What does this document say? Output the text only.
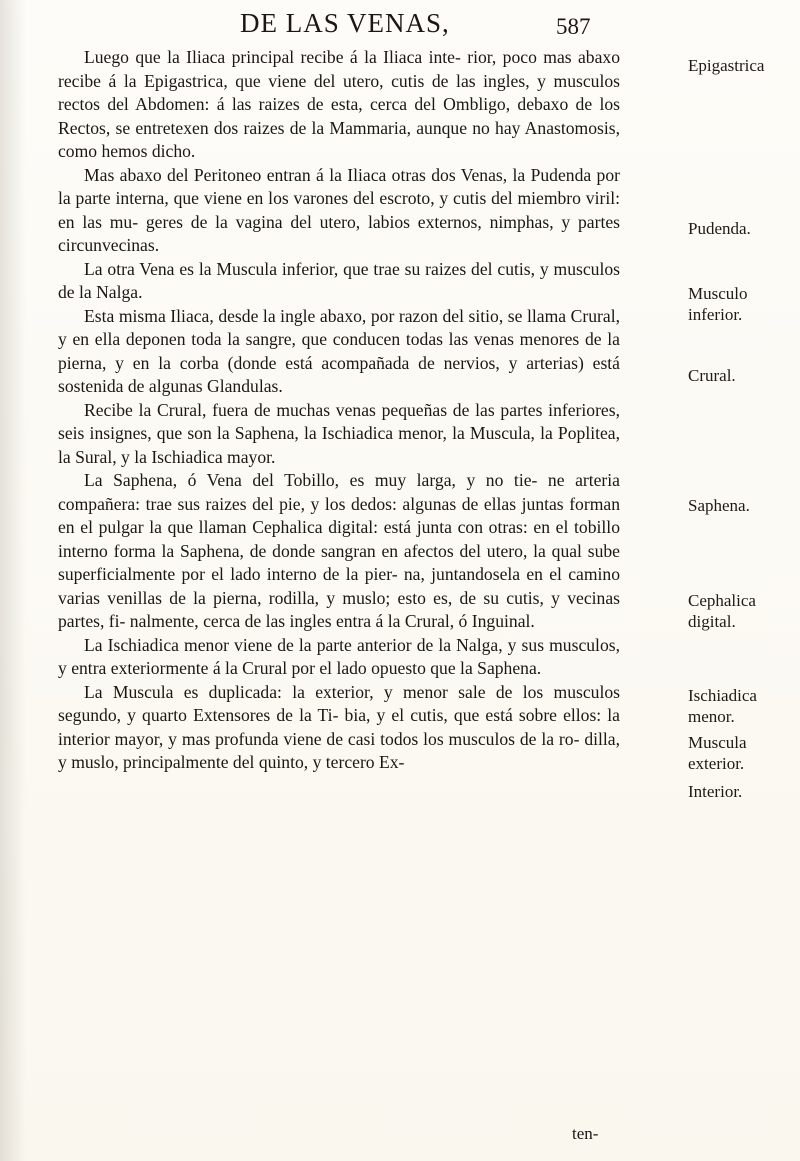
DE LAS VENAS,	587

Luego que la Iliaca principal recibe á la Iliaca inte- rior, poco mas abaxo recibe á la Epigastrica, que viene del utero, cutis de las ingles, y musculos rectos del Abdomen: á las raizes de esta, cerca del Ombligo, debaxo de los Rectos, se entretexen dos raizes de la Mammaria, aunque no hay Anastomosis, como hemos dicho.

Mas abaxo del Peritoneo entran á la Iliaca otras dos Venas, la Pudenda por la parte interna, que viene en los varones del escroto, y cutis del miembro viril: en las mu- geres de la vagina del utero, labios externos, nimphas, y partes circunvecinas.

La otra Vena es la Muscula inferior, que trae su raizes del cutis, y musculos de la Nalga.

Esta misma Iliaca, desde la ingle abaxo, por razon del sitio, se llama Crural, y en ella deponen toda la sangre, que conducen todas las venas menores de la pierna, y en la corba (donde está acompañada de nervios, y arterias) está sostenida de algunas Glandulas.

Recibe la Crural, fuera de muchas venas pequeñas de las partes inferiores, seis insignes, que son la Saphena, la Ischiadica menor, la Muscula, la Poplitea, la Sural, y la Ischiadica mayor.

La Saphena, ó Vena del Tobillo, es muy larga, y no tie- ne arteria compañera: trae sus raizes del pie, y los dedos: algunas de ellas juntas forman en el pulgar la que llaman Cephalica digital: está junta con otras: en el tobillo interno forma la Saphena, de donde sangran en afectos del utero, la qual sube superficialmente por el lado interno de la pier- na, juntandosela en el camino varias venillas de la pierna, rodilla, y muslo; esto es, de su cutis, y vecinas partes, fi- nalmente, cerca de las ingles entra á la Crural, ó Inguinal.

La Ischiadica menor viene de la parte anterior de la Nalga, y sus musculos, y entra exteriormente á la Crural por el lado opuesto que la Saphena.

La Muscula es duplicada: la exterior, y menor sale de los musculos segundo, y quarto Extensores de la Ti- bia, y el cutis, que está sobre ellos: la interior mayor, y mas profunda viene de casi todos los musculos de la ro- dilla, y muslo, principalmente del quinto, y tercero Ex-

Epigastrica
Pudenda.
Musculo
inferior.
Crural.
Saphena.
Cephalica
digital.
Ischiadica
menor.
Muscula
exterior.
Interior.
ten-
